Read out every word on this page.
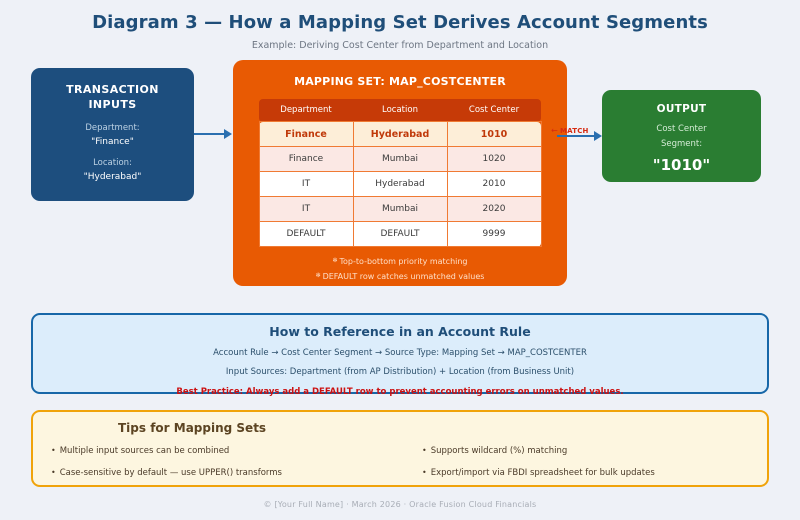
Diagram 3 — How a Mapping Set Derives Account Segments
Example: Deriving Cost Center from Department and Location
TRANSACTION
INPUTS
Department:
"Finance"
Location:
"Hyderabad"
MAPPING SET: MAP_COSTCENTER
Department	Location	Cost Center
Finance	Hyderabad	1010
Finance	Mumbai	1020
IT	Hyderabad	2010
IT	Mumbai	2020
DEFAULT	DEFAULT	9999
✻ Top-to-bottom priority matching
✻ DEFAULT row catches unmatched values
← MATCH
OUTPUT
Cost Center
Segment:
"1010"
How to Reference in an Account Rule
Account Rule → Cost Center Segment → Source Type: Mapping Set → MAP_COSTCENTER
Input Sources: Department (from AP Distribution) + Location (from Business Unit)
Best Practice: Always add a DEFAULT row to prevent accounting errors on unmatched values.
Tips for Mapping Sets
• Multiple input sources can be combined
• Case-sensitive by default — use UPPER() transforms
• Supports wildcard (%) matching
• Export/import via FBDI spreadsheet for bulk updates
© [Your Full Name] · March 2026 · Oracle Fusion Cloud Financials
